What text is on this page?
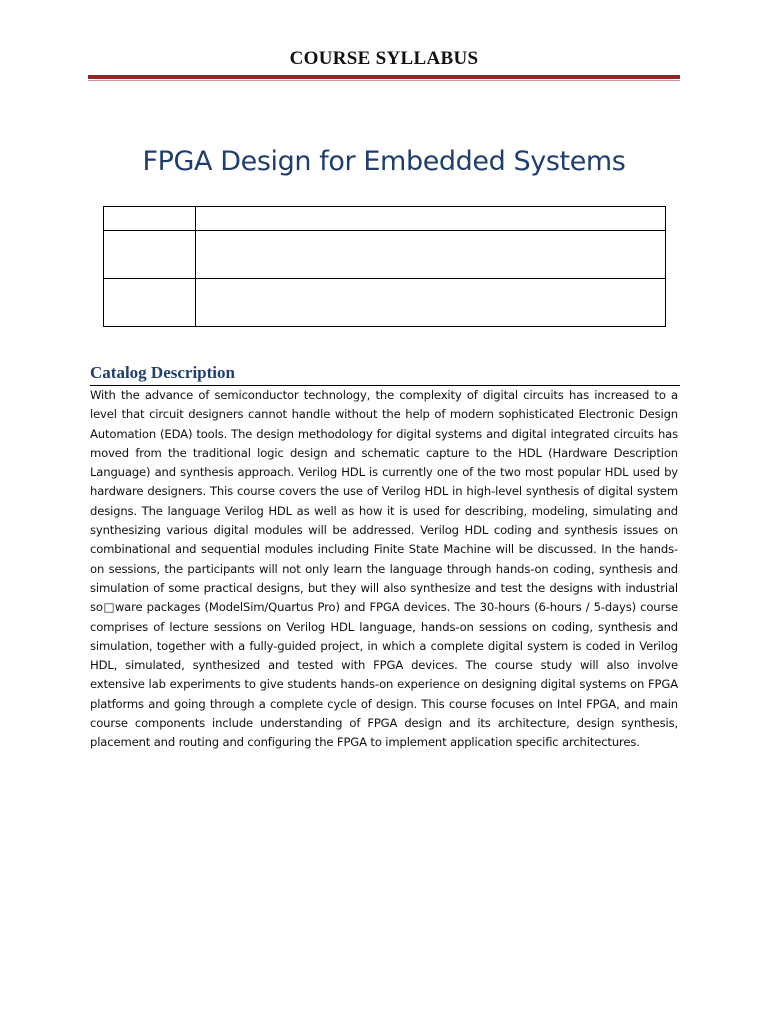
COURSE SYLLABUS
FPGA Design for Embedded Systems

Catalog Description

With the advance of semiconductor technology, the complexity of digital circuits has increased to a level that circuit designers cannot handle without the help of modern sophisticated Electronic Design Automation (EDA) tools. The design methodology for digital systems and digital integrated circuits has moved from the traditional logic design and schematic capture to the HDL (Hardware Description Language) and synthesis approach. Verilog HDL is currently one of the two most popular HDL used by hardware designers. This course covers the use of Verilog HDL in high-level synthesis of digital system designs. The language Verilog HDL as well as how it is used for describing, modeling, simulating and synthesizing various digital modules will be addressed. Verilog HDL coding and synthesis issues on combinational and sequential modules including Finite State Machine will be discussed. In the hands-on sessions, the participants will not only learn the language through hands-on coding, synthesis and simulation of some practical designs, but they will also synthesize and test the designs with industrial so□ware packages (ModelSim/Quartus Pro) and FPGA devices. The 30-hours (6-hours / 5-days) course comprises of lecture sessions on Verilog HDL language, hands-on sessions on coding, synthesis and simulation, together with a fully-guided project, in which a complete digital system is coded in Verilog HDL, simulated, synthesized and tested with FPGA devices. The course study will also involve extensive lab experiments to give students hands-on experience on designing digital systems on FPGA platforms and going through a complete cycle of design. This course focuses on Intel FPGA, and main course components include understanding of FPGA design and its architecture, design synthesis, placement and routing and configuring the FPGA to implement application specific architectures.
